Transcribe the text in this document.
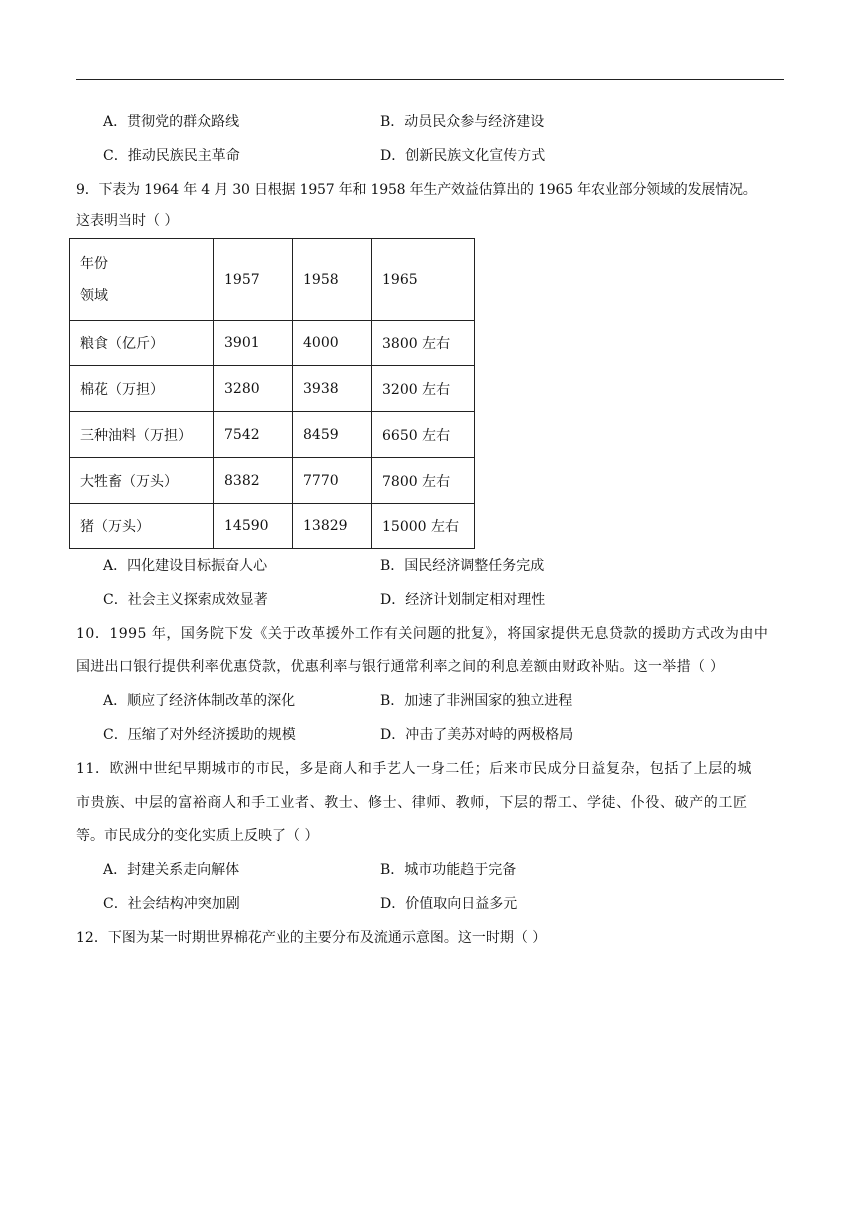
A．贯彻党的群众路线	B．动员民众参与经济建设
C．推动民族民主革命	D．创新民族文化宣传方式
9．下表为 1964 年 4 月 30 日根据 1957 年和 1958 年生产效益估算出的 1965 年农业部分领域的发展情况。
这表明当时（ ）
年份
领域	1957	1958	1965
粮食（亿斤）	3901	4000	3800 左右
棉花（万担）	3280	3938	3200 左右
三种油料（万担）	7542	8459	6650 左右
大牲畜（万头）	8382	7770	7800 左右
猪（万头）	14590	13829	15000 左右
A．四化建设目标振奋人心	B．国民经济调整任务完成
C．社会主义探索成效显著	D．经济计划制定相对理性
10．1995 年，国务院下发《关于改革援外工作有关问题的批复》，将国家提供无息贷款的援助方式改为由中
国进出口银行提供利率优惠贷款，优惠利率与银行通常利率之间的利息差额由财政补贴。这一举措（ ）
A．顺应了经济体制改革的深化	B．加速了非洲国家的独立进程
C．压缩了对外经济援助的规模	D．冲击了美苏对峙的两极格局
11．欧洲中世纪早期城市的市民，多是商人和手艺人一身二任；后来市民成分日益复杂，包括了上层的城
市贵族、中层的富裕商人和手工业者、教士、修士、律师、教师，下层的帮工、学徒、仆役、破产的工匠
等。市民成分的变化实质上反映了（ ）
A．封建关系走向解体	B．城市功能趋于完备
C．社会结构冲突加剧	D．价值取向日益多元
12．下图为某一时期世界棉花产业的主要分布及流通示意图。这一时期（ ）
